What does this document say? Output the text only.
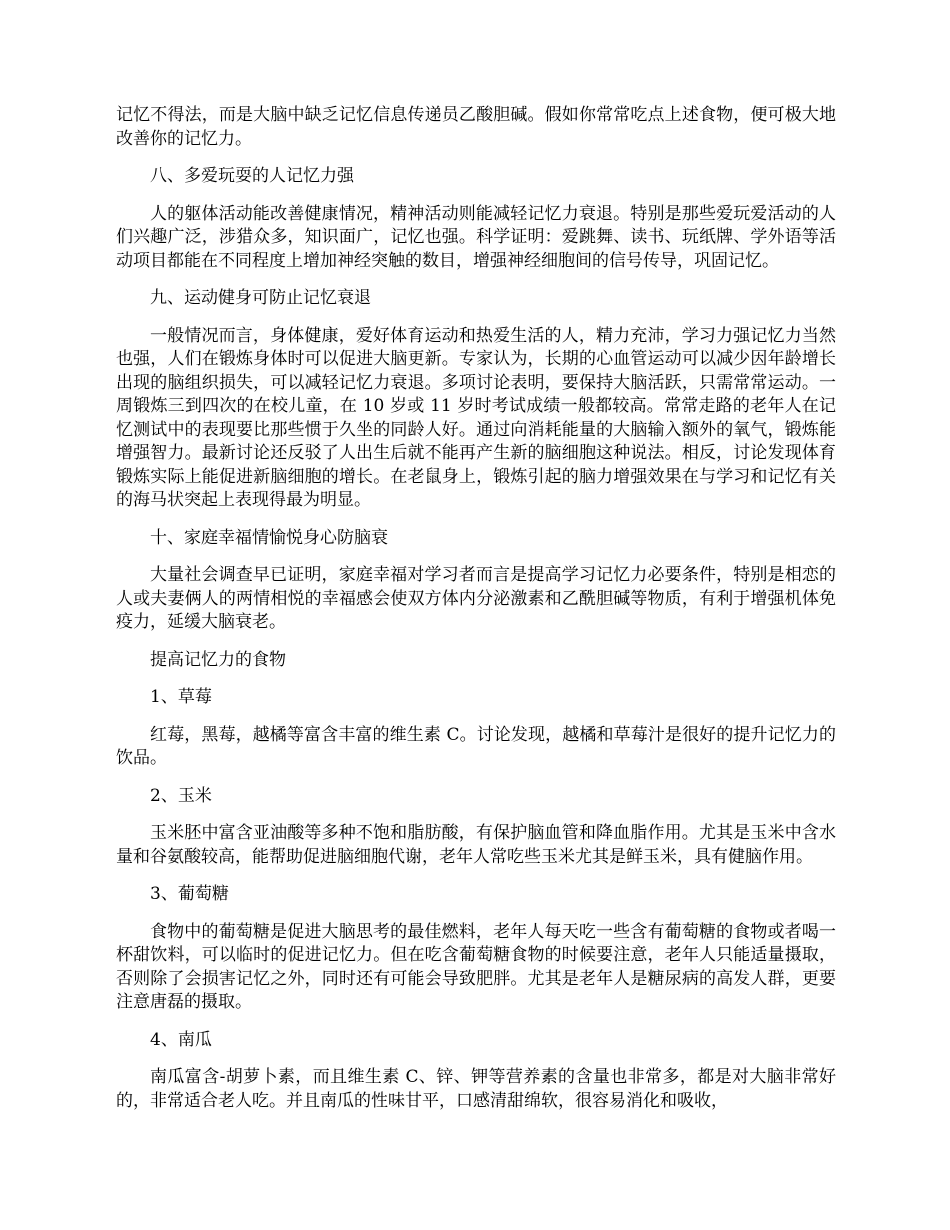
记忆不得法，而是大脑中缺乏记忆信息传递员乙酸胆碱。假如你常常吃点上述食物，便可极大地改善你的记忆力。

八、多爱玩耍的人记忆力强

人的躯体活动能改善健康情况，精神活动则能减轻记忆力衰退。特别是那些爱玩爱活动的人们兴趣广泛，涉猎众多，知识面广，记忆也强。科学证明：爱跳舞、读书、玩纸牌、学外语等活动项目都能在不同程度上增加神经突触的数目，增强神经细胞间的信号传导，巩固记忆。

九、运动健身可防止记忆衰退

一般情况而言，身体健康，爱好体育运动和热爱生活的人，精力充沛，学习力强记忆力当然也强，人们在锻炼身体时可以促进大脑更新。专家认为，长期的心血管运动可以减少因年龄增长出现的脑组织损失，可以减轻记忆力衰退。多项讨论表明，要保持大脑活跃，只需常常运动。一周锻炼三到四次的在校儿童，在 10 岁或 11 岁时考试成绩一般都较高。常常走路的老年人在记忆测试中的表现要比那些惯于久坐的同龄人好。通过向消耗能量的大脑输入额外的氧气，锻炼能增强智力。最新讨论还反驳了人出生后就不能再产生新的脑细胞这种说法。相反，讨论发现体育锻炼实际上能促进新脑细胞的增长。在老鼠身上，锻炼引起的脑力增强效果在与学习和记忆有关的海马状突起上表现得最为明显。

十、家庭幸福情愉悦身心防脑衰

大量社会调查早已证明，家庭幸福对学习者而言是提高学习记忆力必要条件，特别是相恋的人或夫妻俩人的两情相悦的幸福感会使双方体内分泌激素和乙酰胆碱等物质，有利于增强机体免疫力，延缓大脑衰老。

提高记忆力的食物

1、草莓

红莓，黑莓，越橘等富含丰富的维生素 C。讨论发现，越橘和草莓汁是很好的提升记忆力的饮品。

2、玉米

玉米胚中富含亚油酸等多种不饱和脂肪酸，有保护脑血管和降血脂作用。尤其是玉米中含水量和谷氨酸较高，能帮助促进脑细胞代谢，老年人常吃些玉米尤其是鲜玉米，具有健脑作用。

3、葡萄糖

食物中的葡萄糖是促进大脑思考的最佳燃料，老年人每天吃一些含有葡萄糖的食物或者喝一杯甜饮料，可以临时的促进记忆力。但在吃含葡萄糖食物的时候要注意，老年人只能适量摄取，否则除了会损害记忆之外，同时还有可能会导致肥胖。尤其是老年人是糖尿病的高发人群，更要注意唐磊的摄取。

4、南瓜

南瓜富含-胡萝卜素，而且维生素 C、锌、钾等营养素的含量也非常多，都是对大脑非常好的，非常适合老人吃。并且南瓜的性味甘平，口感清甜绵软，很容易消化和吸收，
